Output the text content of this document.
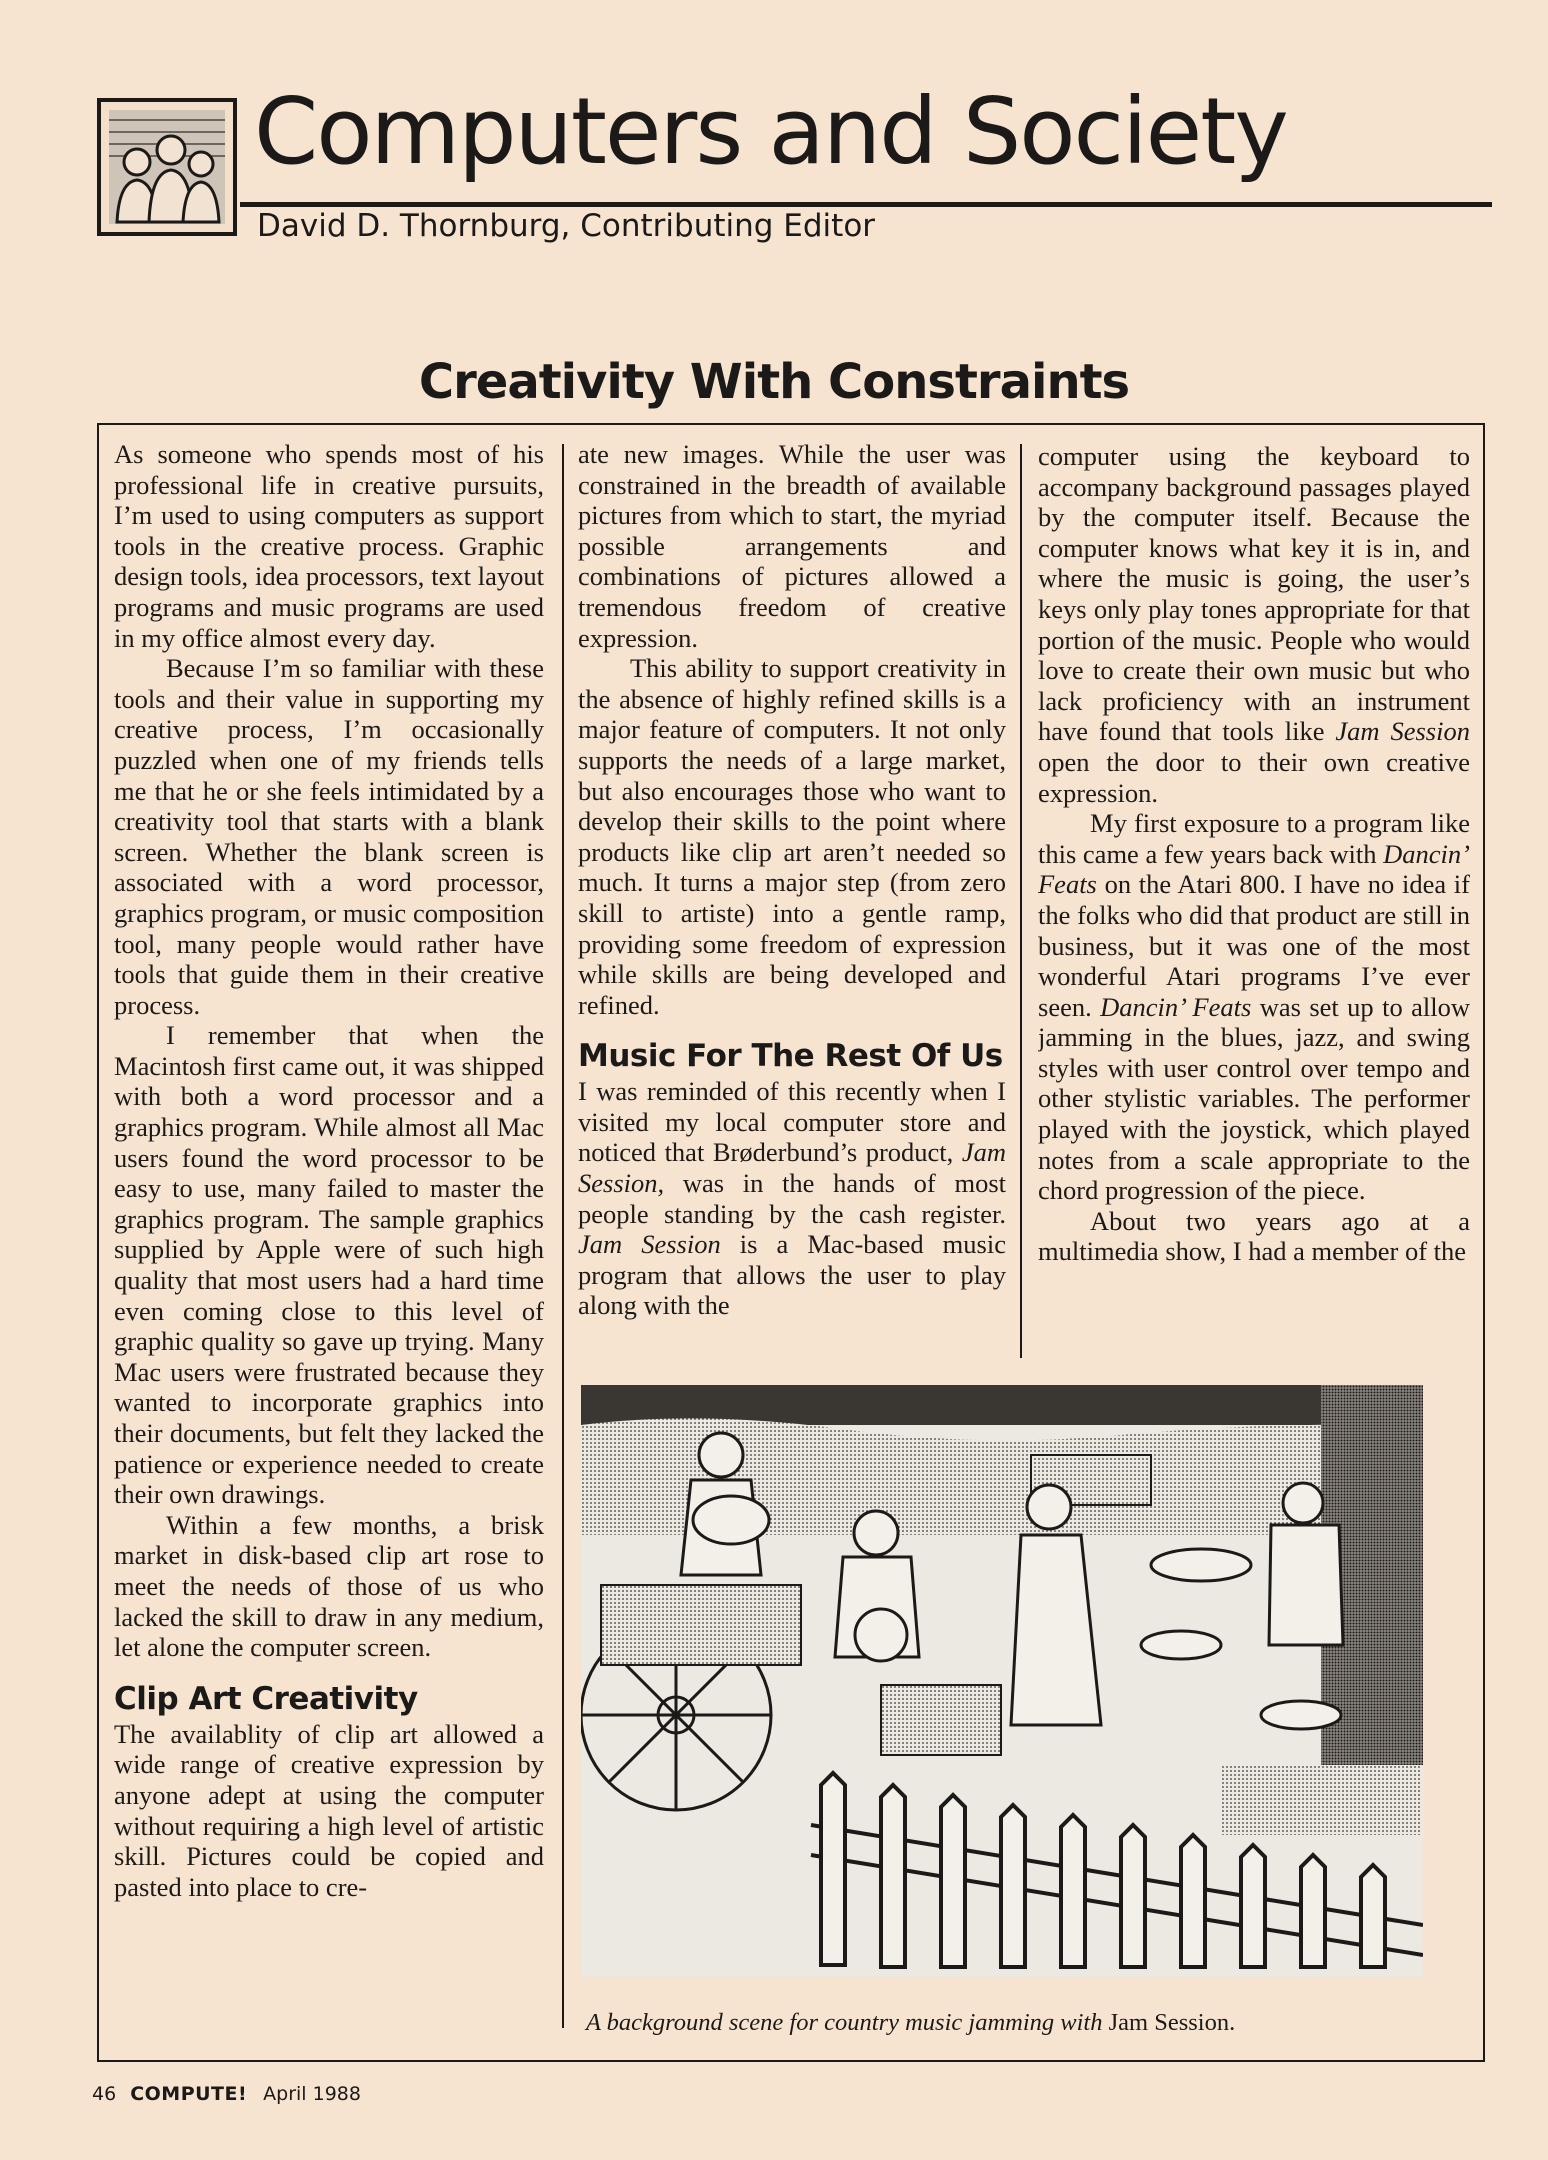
Computers and Society
David D. Thornburg, Contributing Editor
Creativity With Constraints

As someone who spends most of his professional life in creative pursuits, I’m used to using computers as support tools in the creative process. Graphic design tools, idea processors, text layout programs and music programs are used in my office almost every day.

Because I’m so familiar with these tools and their value in supporting my creative process, I’m occasionally puzzled when one of my friends tells me that he or she feels intimidated by a creativity tool that starts with a blank screen. Whether the blank screen is associated with a word processor, graphics program, or music composition tool, many people would rather have tools that guide them in their creative process.

I remember that when the Macintosh first came out, it was shipped with both a word processor and a graphics program. While almost all Mac users found the word processor to be easy to use, many failed to master the graphics program. The sample graphics supplied by Apple were of such high quality that most users had a hard time even coming close to this level of graphic quality so gave up trying. Many Mac users were frustrated because they wanted to incorporate graphics into their documents, but felt they lacked the patience or experience needed to create their own drawings.

Within a few months, a brisk market in disk-based clip art rose to meet the needs of those of us who lacked the skill to draw in any medium, let alone the computer screen.

Clip Art Creativity

The availablity of clip art allowed a wide range of creative expression by anyone adept at using the computer without requiring a high level of artistic skill. Pictures could be copied and pasted into place to cre-

ate new images. While the user was constrained in the breadth of available pictures from which to start, the myriad possible arrangements and combinations of pictures allowed a tremendous freedom of creative expression.

This ability to support creativity in the absence of highly refined skills is a major feature of computers. It not only supports the needs of a large market, but also encourages those who want to develop their skills to the point where products like clip art aren’t needed so much. It turns a major step (from zero skill to artiste) into a gentle ramp, providing some freedom of expression while skills are being developed and refined.

Music For The Rest Of Us

I was reminded of this recently when I visited my local computer store and noticed that Brøderbund’s product, Jam Session, was in the hands of most people standing by the cash register. Jam Session is a Mac-based music program that allows the user to play along with the

computer using the keyboard to accompany background passages played by the computer itself. Because the computer knows what key it is in, and where the music is going, the user’s keys only play tones appropriate for that portion of the music. People who would love to create their own music but who lack proficiency with an instrument have found that tools like Jam Session open the door to their own creative expression.

My first exposure to a program like this came a few years back with Dancin’ Feats on the Atari 800. I have no idea if the folks who did that product are still in business, but it was one of the most wonderful Atari programs I’ve ever seen. Dancin’ Feats was set up to allow jamming in the blues, jazz, and swing styles with user control over tempo and other stylistic variables. The performer played with the joystick, which played notes from a scale appropriate to the chord progression of the piece.

About two years ago at a multimedia show, I had a member of the

A background scene for country music jamming with Jam Session.
46 COMPUTE! April 1988
